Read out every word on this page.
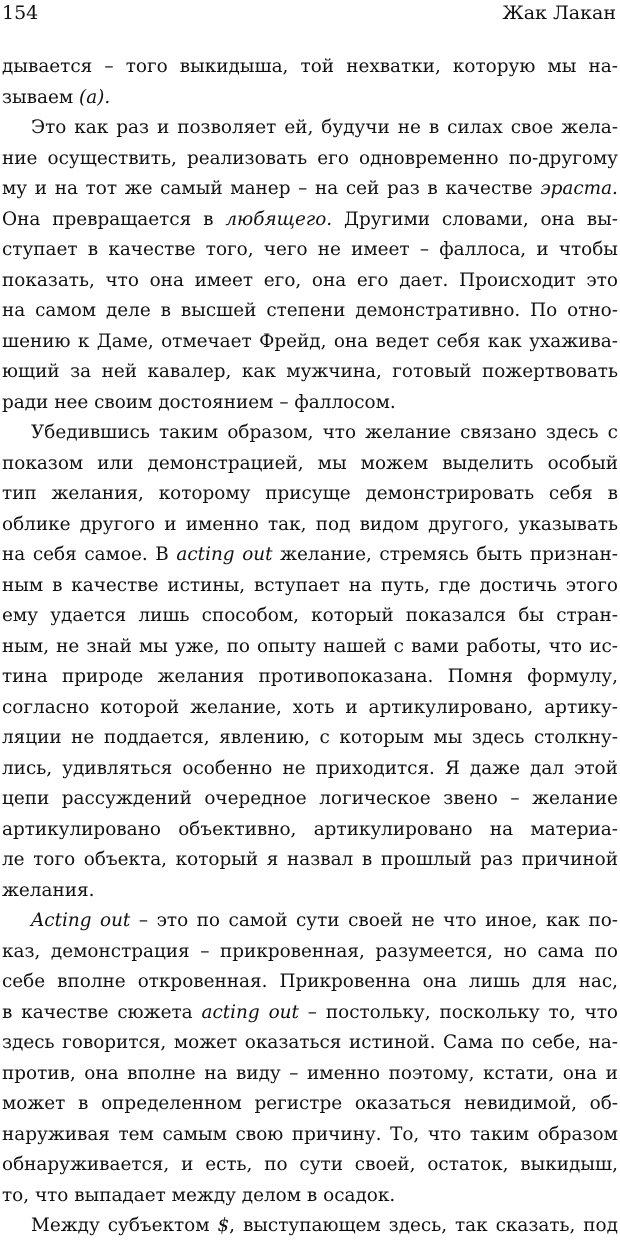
154	Жак Лакан
дывается – того выкидыша, той нехватки, которую мы на-
зываем
(а).
Это как раз и позволяет ей, будучи не в силах свое жела-
ние осуществить, реализовать его одновременно по-другому
му и на тот же самый манер – на сей раз в качестве эраста.
Она превращается в любящего. Другими словами, она вы-
ступает в качестве того, чего не имеет – фаллоса, и чтобы
показать, что она имеет его, она его дает. Происходит это
на самом деле в высшей степени демонстративно. По отно-
шению к Даме, отмечает Фрейд, она ведет себя как ухажива-
ющий за ней кавалер, как мужчина, готовый пожертвовать
ради
нее
своим
достоянием
–
фаллосом.
Убедившись таким образом, что желание связано здесь с
показом или демонстрацией, мы можем выделить особый
тип желания, которому присуще демонстрировать себя в
облике другого и именно так, под видом другого, указывать
на себя самое. В acting out желание, стремясь быть признан-
ным в качестве истины, вступает на путь, где достичь этого
ему удается лишь способом, который показался бы стран-
ным, не знай мы уже, по опыту нашей с вами работы, что ис-
тина природе желания противопоказана. Помня формулу,
согласно которой желание, хоть и артикулировано, артику-
ляции не поддается, явлению, с которым мы здесь столкну-
лись, удивляться особенно не приходится. Я даже дал этой
цепи рассуждений очередное логическое звено – желание
артикулировано объективно, артикулировано на материа-
ле того объекта, который я назвал в прошлый раз причиной
желания.
Acting out – это по самой сути своей не что иное, как по-
каз, демонстрация – прикровенная, разумеется, но сама по
себе вполне откровенная. Прикровенна она лишь для нас,
в качестве сюжета acting out – постольку, поскольку то, что
здесь говорится, может оказаться истиной. Сама по себе, на-
против, она вполне на виду – именно поэтому, кстати, она и
может в определенном регистре оказаться невидимой, об-
наруживая тем самым свою причину. То, что таким образом
обнаруживается, и есть, по сути своей, остаток, выкидыш,
то,
что
выпадает
между
делом
в
осадок.
Между субъектом $, выступающем здесь, так сказать, под
